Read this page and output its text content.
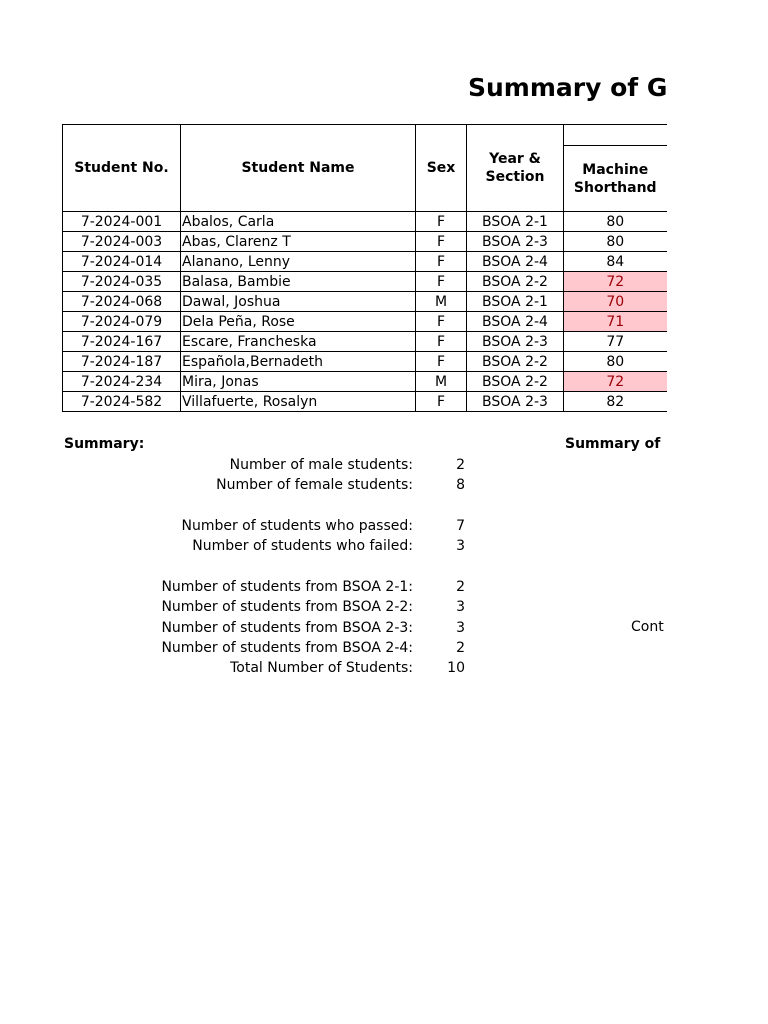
Summary of G
Student No.	Student Name	Sex	Year & Section	
				Machine Shorthand
7-2024-001	Abalos, Carla	F	BSOA 2-1	80
7-2024-003	Abas, Clarenz T	F	BSOA 2-3	80
7-2024-014	Alanano, Lenny	F	BSOA 2-4	84
7-2024-035	Balasa, Bambie	F	BSOA 2-2	72
7-2024-068	Dawal, Joshua	M	BSOA 2-1	70
7-2024-079	Dela Peña, Rose	F	BSOA 2-4	71
7-2024-167	Escare, Francheska	F	BSOA 2-3	77
7-2024-187	Española,Bernadeth	F	BSOA 2-2	80
7-2024-234	Mira, Jonas	M	BSOA 2-2	72
7-2024-582	Villafuerte, Rosalyn	F	BSOA 2-3	82
Summary:	Summary of
Number of male students:	2
Number of female students:	8
Number of students who passed:	7
Number of students who failed:	3
Number of students from BSOA 2-1:	2
Number of students from BSOA 2-2:	3
Number of students from BSOA 2-3:	3
Number of students from BSOA 2-4:	2
Total Number of Students:	10
Cont
